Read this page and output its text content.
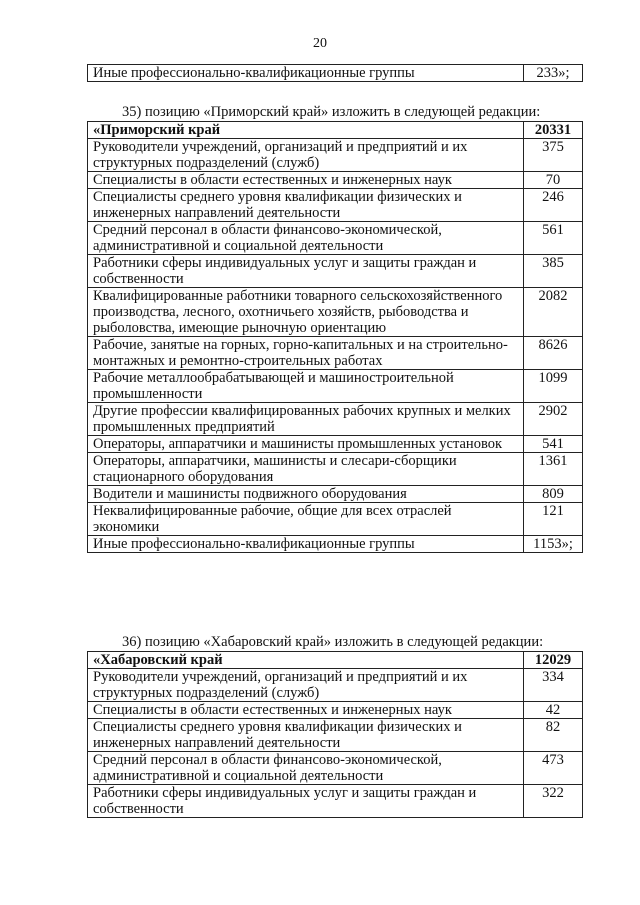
20
Иные профессионально-квалификационные группы	233»;
35) позицию «Приморский край» изложить в следующей редакции:
«Приморский край	20331
Руководители учреждений, организаций и предприятий и их структурных подразделений (служб)	375
Специалисты в области естественных и инженерных наук	70
Специалисты среднего уровня квалификации физических и инженерных направлений деятельности	246
Средний персонал в области финансово-экономической, административной и социальной деятельности	561
Работники сферы индивидуальных услуг и защиты граждан и собственности	385
Квалифицированные работники товарного сельскохозяйственного производства, лесного, охотничьего хозяйств, рыбоводства и рыболовства, имеющие рыночную ориентацию	2082
Рабочие, занятые на горных, горно-капитальных и на строительно-монтажных и ремонтно-строительных работах	8626
Рабочие металлообрабатывающей и машиностроительной промышленности	1099
Другие профессии квалифицированных рабочих крупных и мелких промышленных предприятий	2902
Операторы, аппаратчики и машинисты промышленных установок	541
Операторы, аппаратчики, машинисты и слесари-сборщики стационарного оборудования	1361
Водители и машинисты подвижного оборудования	809
Неквалифицированные рабочие, общие для всех отраслей экономики	121
Иные профессионально-квалификационные группы	1153»;
36) позицию «Хабаровский край» изложить в следующей редакции:
«Хабаровский край	12029
Руководители учреждений, организаций и предприятий и их структурных подразделений (служб)	334
Специалисты в области естественных и инженерных наук	42
Специалисты среднего уровня квалификации физических и инженерных направлений деятельности	82
Средний персонал в области финансово-экономической, административной и социальной деятельности	473
Работники сферы индивидуальных услуг и защиты граждан и собственности	322
